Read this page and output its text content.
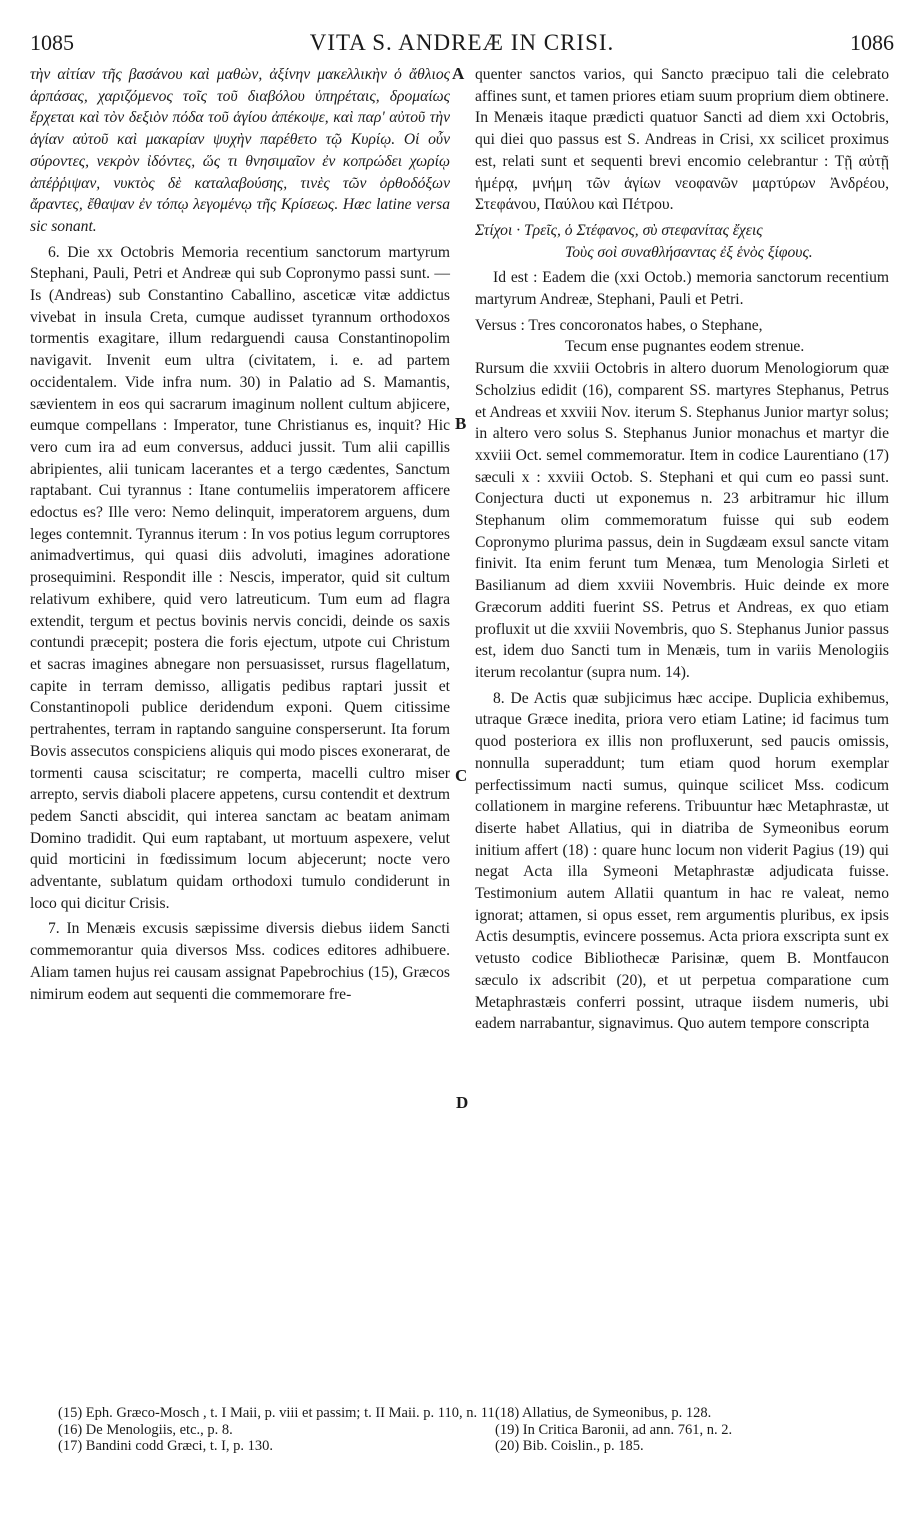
1085	VITA S. ANDREÆ IN CRISI.	1086

τὴν αἰτίαν τῆς βασάνου καὶ μαθὼν, ἀξίνην μακελλικὴν ὁ ἄθλιος ἁρπάσας, χαριζόμενος τοῖς τοῦ διαβόλου ὑπηρέταις, δρομαίως ἔρχεται καὶ τὸν δεξιὸν πόδα τοῦ ἁγίου ἀπέκοψε, καὶ παρ' αὐτοῦ τὴν ἁγίαν αὐτοῦ καὶ μακαρίαν ψυχὴν παρέθετο τῷ Κυρίῳ. Οἱ οὖν σύροντες, νεκρὸν ἰδόντες, ὥς τι θνησιμαῖον ἐν κοπρώδει χωρίῳ ἀπέῤῥιψαν, νυκτὸς δὲ καταλαβούσης, τινὲς τῶν ὀρθοδόξων ἄραντες, ἔθαψαν ἐν τόπῳ λεγομένῳ τῆς Κρίσεως. Hæc latine versa sic sonant.

6. Die xx Octobris Memoria recentium sanctorum martyrum Stephani, Pauli, Petri et Andreæ qui sub Copronymo passi sunt. — Is (Andreas) sub Constantino Caballino, asceticæ vitæ addictus vivebat in insula Creta, cumque audisset tyrannum orthodoxos tormentis exagitare, illum redarguendi causa Constantinopolim navigavit. Invenit eum ultra (civitatem, i. e. ad partem occidentalem. Vide infra num. 30) in Palatio ad S. Mamantis, sævientem in eos qui sacrarum imaginum nollent cultum abjicere, eumque compellans : Imperator, tune Christianus es, inquit? Hic vero cum ira ad eum conversus, adduci jussit. Tum alii capillis abripientes, alii tunicam lacerantes et a tergo cædentes, Sanctum raptabant. Cui tyrannus : Itane contumeliis imperatorem afficere edoctus es? Ille vero: Nemo delinquit, imperatorem arguens, dum leges contemnit. Tyrannus iterum : In vos potius legum corruptores animadvertimus, qui quasi diis advoluti, imagines adoratione prosequimini. Respondit ille : Nescis, imperator, quid sit cultum relativum exhibere, quid vero latreuticum. Tum eum ad flagra extendit, tergum et pectus bovinis nervis concidi, deinde os saxis contundi præcepit; postera die foris ejectum, utpote cui Christum et sacras imagines abnegare non persuasisset, rursus flagellatum, capite in terram demisso, alligatis pedibus raptari jussit et Constantinopoli publice deridendum exponi. Quem citissime pertrahentes, terram in raptando sanguine consperserunt. Ita forum Bovis assecutos conspiciens aliquis qui modo pisces exonerarat, de tormenti causa sciscitatur; re comperta, macelli cultro miser arrepto, servis diaboli placere appetens, cursu contendit et dextrum pedem Sancti abscidit, qui interea sanctam ac beatam animam Domino tradidit. Qui eum raptabant, ut mortuum aspexere, velut quid morticini in fœdissimum locum abjecerunt; nocte vero adventante, sublatum quidam orthodoxi tumulo condiderunt in loco qui dicitur Crisis.

7. In Menæis excusis sæpissime diversis diebus iidem Sancti commemorantur quia diversos Mss. codices editores adhibuere. Aliam tamen hujus rei causam assignat Papebrochius (15), Græcos nimirum eodem aut sequenti die commemorare fre-

A
B
C
D

quenter sanctos varios, qui Sancto præcipuo tali die celebrato affines sunt, et tamen priores etiam suum proprium diem obtinere. In Menæis itaque prædicti quatuor Sancti ad diem xxi Octobris, qui diei quo passus est S. Andreas in Crisi, xx scilicet proximus est, relati sunt et sequenti brevi encomio celebrantur : Τῇ αὐτῇ ἡμέρᾳ, μνήμη τῶν ἁγίων νεοφανῶν μαρτύρων Ἀνδρέου, Στεφάνου, Παύλου καὶ Πέτρου.

Στίχοι · Τρεῖς, ὁ Στέφανος, σὺ στεφανίτας ἔχεις

Τοὺς σοὶ συναθλήσαντας ἐξ ἑνὸς ξίφους.

Id est : Eadem die (xxi Octob.) memoria sanctorum recentium martyrum Andreæ, Stephani, Pauli et Petri.

Versus : Tres concoronatos habes, o Stephane,

Tecum ense pugnantes eodem strenue.

Rursum die xxviii Octobris in altero duorum Menologiorum quæ Scholzius edidit (16), comparent SS. martyres Stephanus, Petrus et Andreas et xxviii Nov. iterum S. Stephanus Junior martyr solus; in altero vero solus S. Stephanus Junior monachus et martyr die xxviii Oct. semel commemoratur. Item in codice Laurentiano (17) sæculi x : xxviii Octob. S. Stephani et qui cum eo passi sunt. Conjectura ducti ut exponemus n. 23 arbitramur hic illum Stephanum olim commemoratum fuisse qui sub eodem Copronymo plurima passus, dein in Sugdæam exsul sancte vitam finivit. Ita enim ferunt tum Menæa, tum Menologia Sirleti et Basilianum ad diem xxviii Novembris. Huic deinde ex more Græcorum additi fuerint SS. Petrus et Andreas, ex quo etiam profluxit ut die xxviii Novembris, quo S. Stephanus Junior passus est, idem duo Sancti tum in Menæis, tum in variis Menologiis iterum recolantur (supra num. 14).

8. De Actis quæ subjicimus hæc accipe. Duplicia exhibemus, utraque Græce inedita, priora vero etiam Latine; id facimus tum quod posteriora ex illis non profluxerunt, sed paucis omissis, nonnulla superaddunt; tum etiam quod horum exemplar perfectissimum nacti sumus, quinque scilicet Mss. codicum collationem in margine referens. Tribuuntur hæc Metaphrastæ, ut diserte habet Allatius, qui in diatriba de Symeonibus eorum initium affert (18) : quare hunc locum non viderit Pagius (19) qui negat Acta illa Symeoni Metaphrastæ adjudicata fuisse. Testimonium autem Allatii quantum in hac re valeat, nemo ignorat; attamen, si opus esset, rem argumentis pluribus, ex ipsis Actis desumptis, evincere possemus. Acta priora exscripta sunt ex vetusto codice Bibliothecæ Parisinæ, quem B. Montfaucon sæculo ix adscribit (20), et ut perpetua comparatione cum Metaphrastæis conferri possint, utraque iisdem numeris, ubi eadem narrabantur, signavimus. Quo autem tempore conscripta

(15) Eph. Græco-Mosch , t. I Maii, p. viii et passim; t. II Maii. p. 110, n. 11.
(16) De Menologiis, etc., p. 8.
(17) Bandini codd Græci, t. I, p. 130.
(18) Allatius, de Symeonibus, p. 128.
(19) In Critica Baronii, ad ann. 761, n. 2.
(20) Bib. Coislin., p. 185.
